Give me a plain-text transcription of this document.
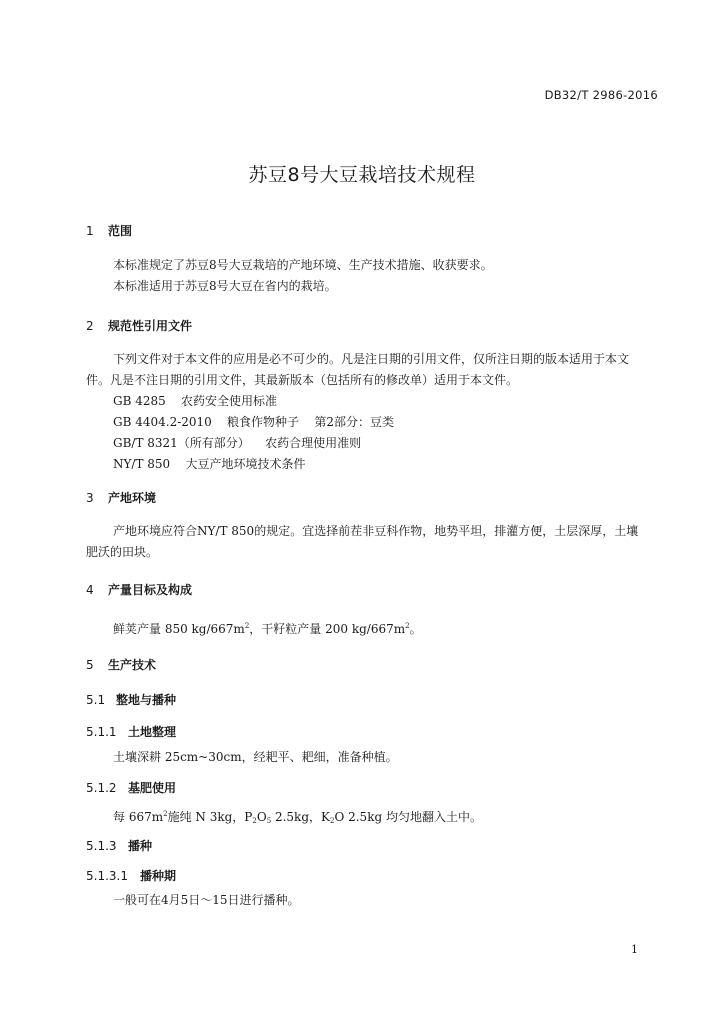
DB32/T 2986-2016
苏豆8号大豆栽培技术规程
1 范围
本标准规定了苏豆8号大豆栽培的产地环境、生产技术措施、收获要求。
本标准适用于苏豆8号大豆在省内的栽培。
2 规范性引用文件
下列文件对于本文件的应用是必不可少的。凡是注日期的引用文件，仅所注日期的版本适用于本文
件。凡是不注日期的引用文件，其最新版本（包括所有的修改单）适用于本文件。
GB 4285    农药安全使用标准
GB 4404.2-2010    粮食作物种子    第2部分：豆类
GB/T 8321（所有部分）    农药合理使用准则
NY/T 850    大豆产地环境技术条件
3 产地环境
产地环境应符合NY/T 850的规定。宜选择前茬非豆科作物，地势平坦，排灌方便，土层深厚，土壤
肥沃的田块。
4 产量目标及构成
鲜荚产量 850 $kg/667m^2$，干籽粒产量 200 $kg/667m^2$。
5 生产技术
5.1 整地与播种
5.1.1 土地整理
土壤深耕 25cm~30cm，经耙平、耙细，准备种植。
5.1.2 基肥使用
每 $667m^2$施纯 N 3kg，$P_2O_5$ 2.5kg，$K_2O$ 2.5kg 均匀地翻入土中。
5.1.3 播种
5.1.3.1 播种期
一般可在4月5日～15日进行播种。
1
